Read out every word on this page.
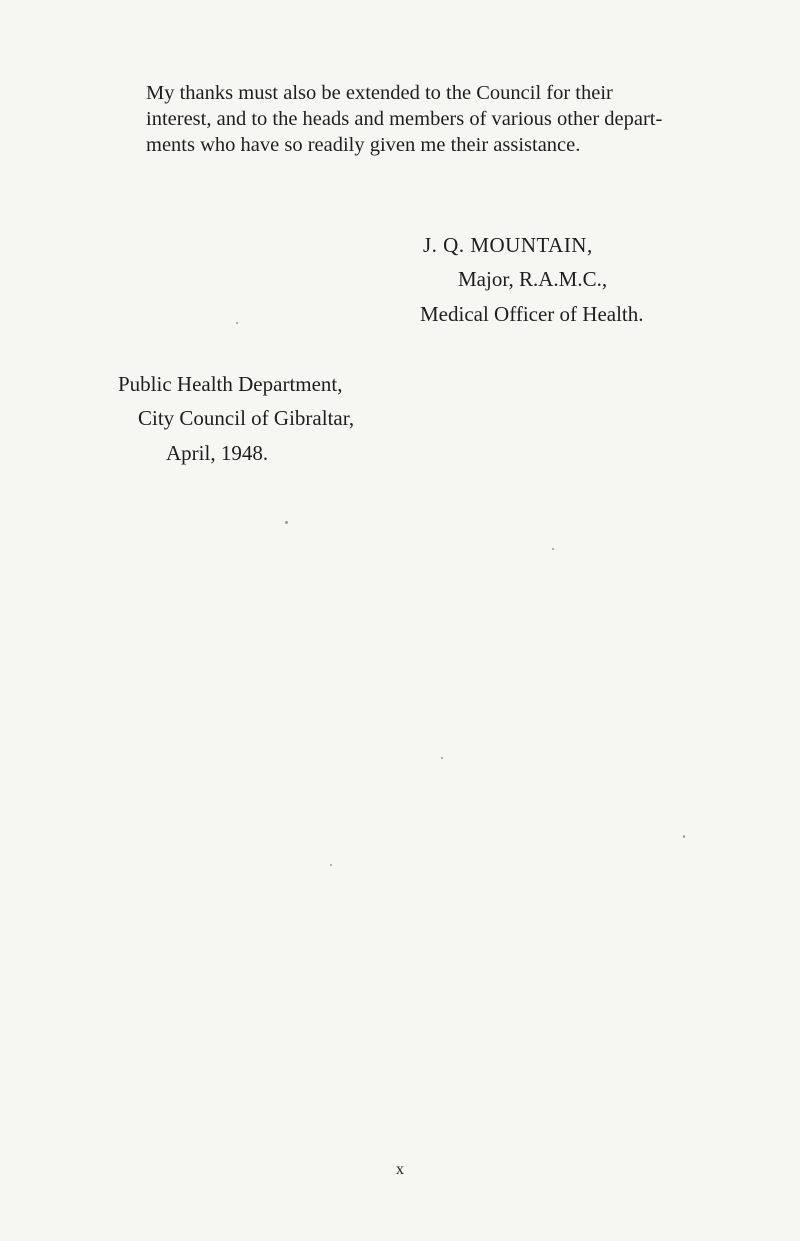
My thanks must also be extended to the Council for their
interest, and to the heads and members of various other depart-
ments who have so readily given me their assistance.
J. Q. MOUNTAIN,
Major, R.A.M.C.,
Medical Officer of Health.
Public Health Department,
City Council of Gibraltar,
April, 1948.
x
